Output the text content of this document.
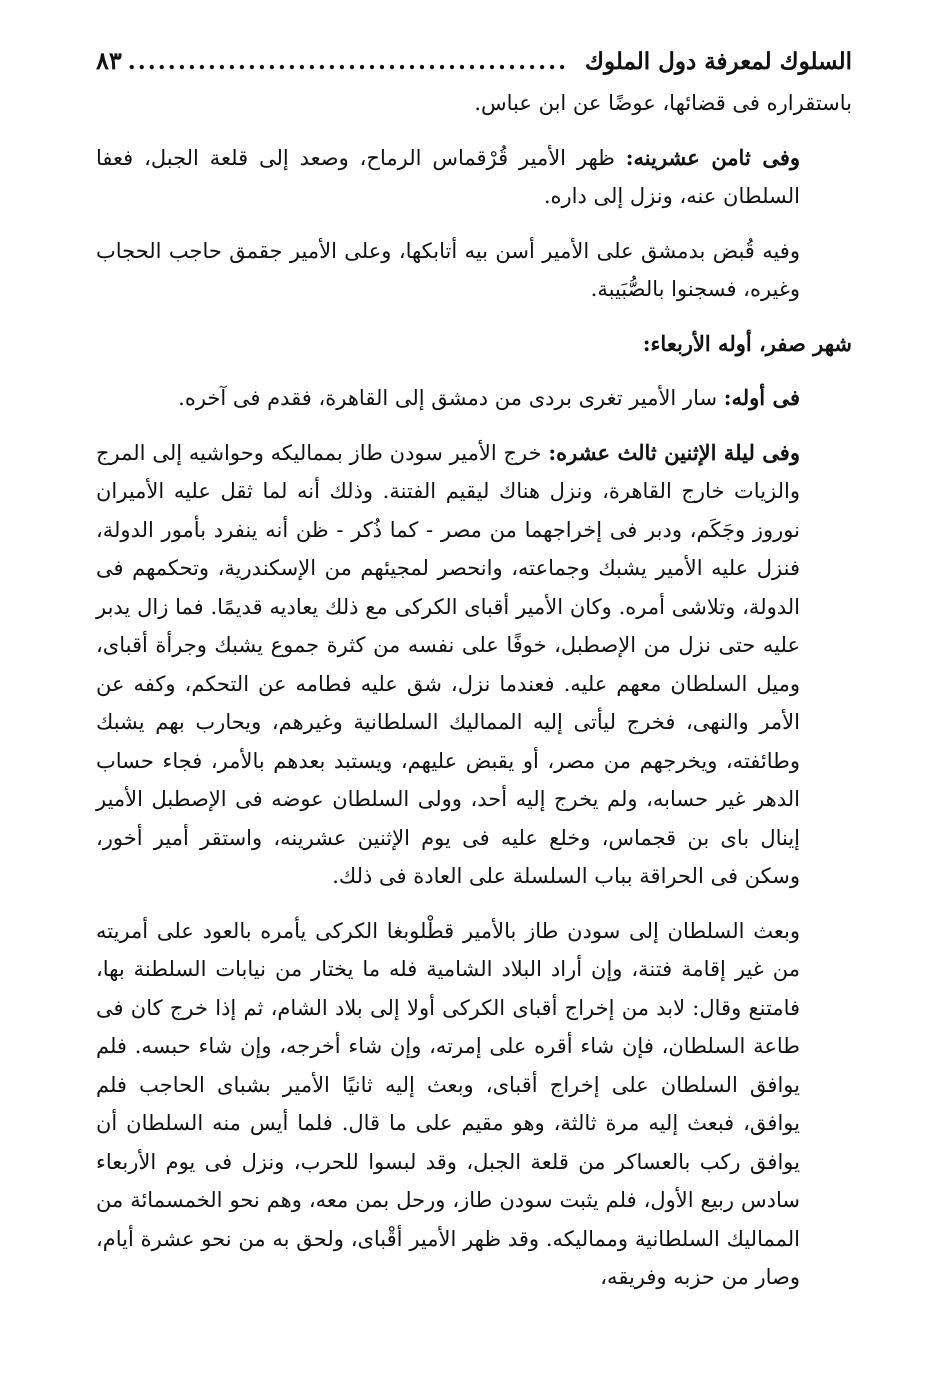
السلوك لمعرفة دول الملوك
............................................
٨٣

باستقراره فى قضائها، عوضًا عن ابن عباس.

وفى ثامن عشرينه: ظهر الأمير قُرْقماس الرماح، وصعد إلى قلعة الجبل، فعفا السلطان عنه، ونزل إلى داره.

وفيه قُبض بدمشق على الأمير أسن بيه أتابكها، وعلى الأمير جقمق حاجب الحجاب وغيره، فسجنوا بالصُّبَيبة.

شهر صفر، أوله الأربعاء:

فى أوله: سار الأمير تغرى بردى من دمشق إلى القاهرة، فقدم فى آخره.

وفى ليلة الإثنين ثالث عشره: خرج الأمير سودن طاز بمماليكه وحواشيه إلى المرج والزيات خارج القاهرة، ونزل هناك ليقيم الفتنة. وذلك أنه لما ثقل عليه الأميران نوروز وجَكَم، ودبر فى إخراجهما من مصر - كما ذُكر - ظن أنه ينفرد بأمور الدولة، فنزل عليه الأمير يشبك وجماعته، وانحصر لمجيئهم من الإسكندرية، وتحكمهم فى الدولة، وتلاشى أمره. وكان الأمير أقباى الكركى مع ذلك يعاديه قديمًا. فما زال يدبر عليه حتى نزل من الإصطبل، خوفًا على نفسه من كثرة جموع يشبك وجرأة أقباى، وميل السلطان معهم عليه. فعندما نزل، شق عليه فطامه عن التحكم، وكفه عن الأمر والنهى، فخرج ليأتى إليه المماليك السلطانية وغيرهم، ويحارب بهم يشبك وطائفته، ويخرجهم من مصر، أو يقبض عليهم، ويستبد بعدهم بالأمر، فجاء حساب الدهر غير حسابه، ولم يخرج إليه أحد، وولى السلطان عوضه فى الإصطبل الأمير إينال باى بن قجماس، وخلع عليه فى يوم الإثنين عشرينه، واستقر أمير أخور، وسكن فى الحراقة بباب السلسلة على العادة فى ذلك.

وبعث السلطان إلى سودن طاز بالأمير قطْلوبغا الكركى يأمره بالعود على أمريته من غير إقامة فتنة، وإن أراد البلاد الشامية فله ما يختار من نيابات السلطنة بها، فامتنع وقال: لابد من إخراج أقباى الكركى أولا إلى بلاد الشام، ثم إذا خرج كان فى طاعة السلطان، فإن شاء أقره على إمرته، وإن شاء أخرجه، وإن شاء حبسه. فلم يوافق السلطان على إخراج أقباى، وبعث إليه ثانيًا الأمير بشباى الحاجب فلم يوافق، فبعث إليه مرة ثالثة، وهو مقيم على ما قال. فلما أيس منه السلطان أن يوافق ركب بالعساكر من قلعة الجبل، وقد لبسوا للحرب، ونزل فى يوم الأربعاء سادس ربيع الأول، فلم يثبت سودن طاز، ورحل بمن معه، وهم نحو الخمسمائة من المماليك السلطانية ومماليكه. وقد ظهر الأمير أقْباى، ولحق به من نحو عشرة أيام، وصار من حزبه وفريقه،
